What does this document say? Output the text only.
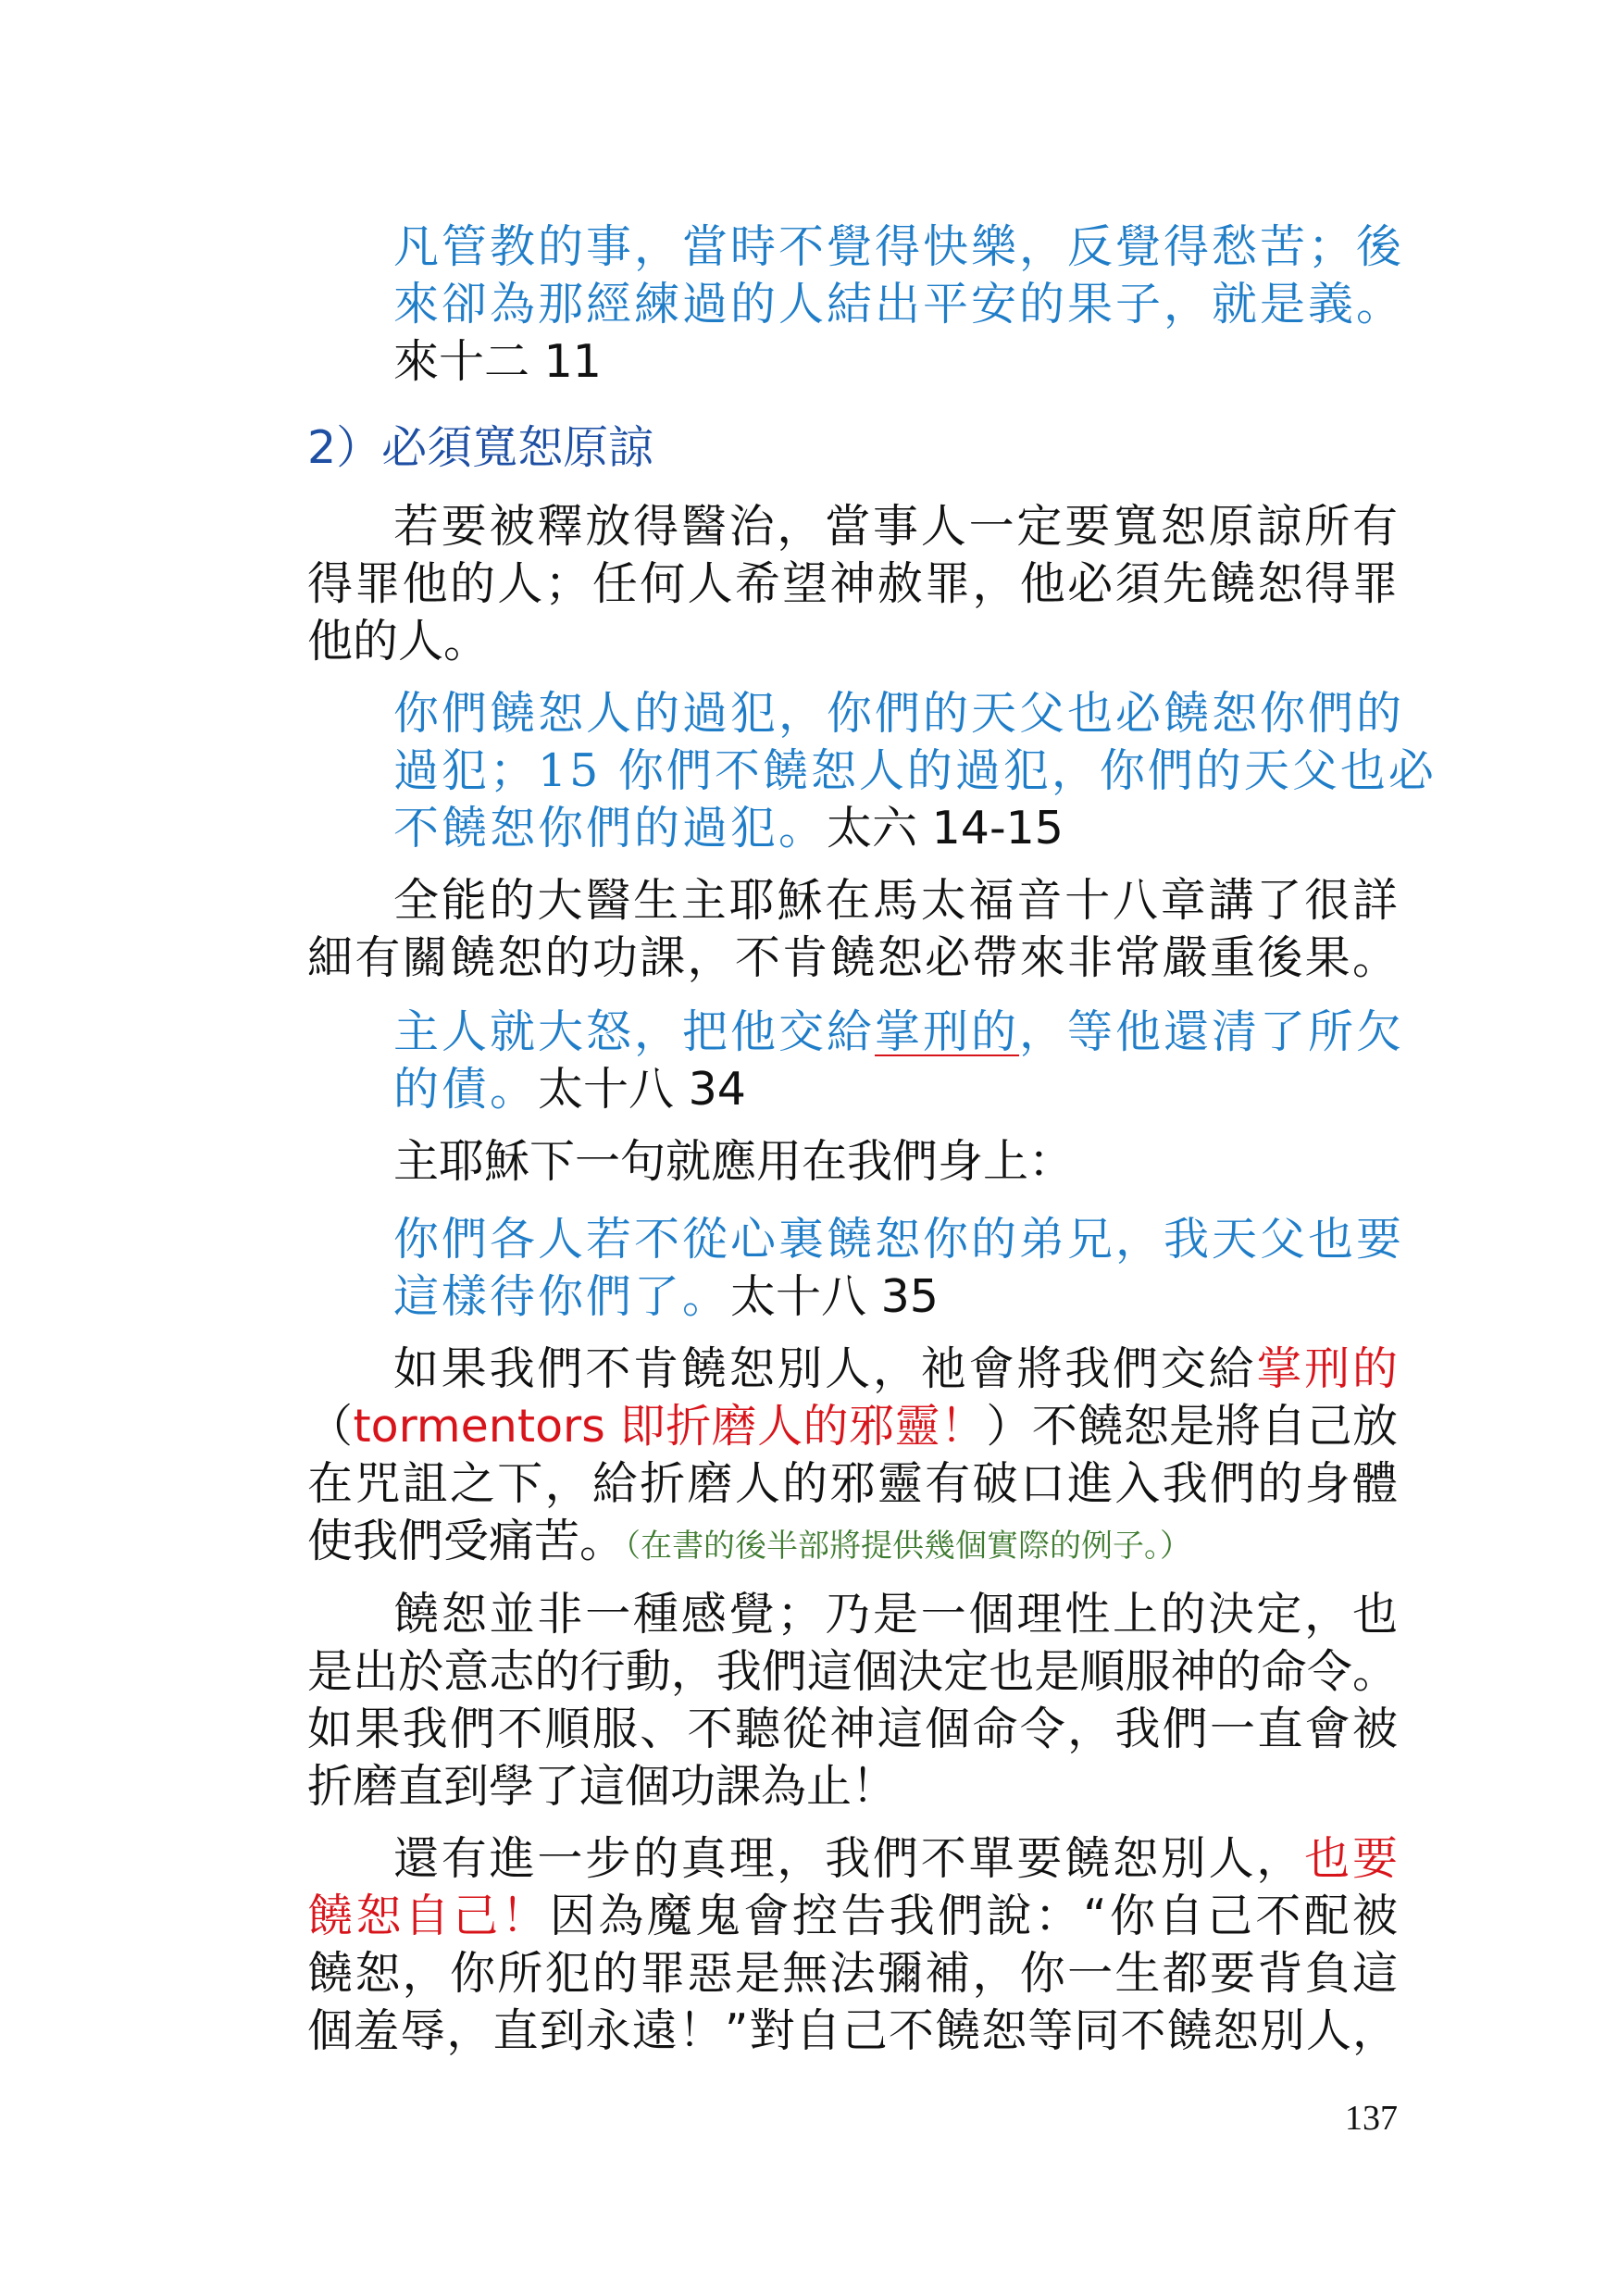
凡管教的事，當時不覺得快樂，反覺得愁苦；後
來卻為那經練過的人結出平安的果子，就是義。
來十二 11
2）必須寬恕原諒
若要被釋放得醫治，當事人一定要寬恕原諒所有
得罪他的人；任何人希望神赦罪，他必須先饒恕得罪
他的人。
你們饒恕人的過犯，你們的天父也必饒恕你們的
過犯；15 你們不饒恕人的過犯，你們的天父也必
不饒恕你們的過犯。太六 14-15
全能的大醫生主耶穌在馬太福音十八章講了很詳
細有關饒恕的功課，不肯饒恕必帶來非常嚴重後果。
主人就大怒，把他交給掌刑的，等他還清了所欠
的債。太十八 34
主耶穌下一句就應用在我們身上：
你們各人若不從心裏饒恕你的弟兄，我天父也要
這樣待你們了。太十八 35
如果我們不肯饒恕別人，祂會將我們交給掌刑的
（tormentors 即折磨人的邪靈！）不饒恕是將自己放
在咒詛之下，給折磨人的邪靈有破口進入我們的身體
使我們受痛苦。（在書的後半部將提供幾個實際的例子。）
饒恕並非一種感覺；乃是一個理性上的決定，也
是出於意志的行動，我們這個決定也是順服神的命令。
如果我們不順服、不聽從神這個命令，我們一直會被
折磨直到學了這個功課為止！
還有進一步的真理，我們不單要饒恕別人，也要
饒恕自己！因為魔鬼會控告我們說：“你自己不配被
饒恕，你所犯的罪惡是無法彌補，你一生都要背負這
個羞辱，直到永遠！”對自己不饒恕等同不饒恕別人，
137
